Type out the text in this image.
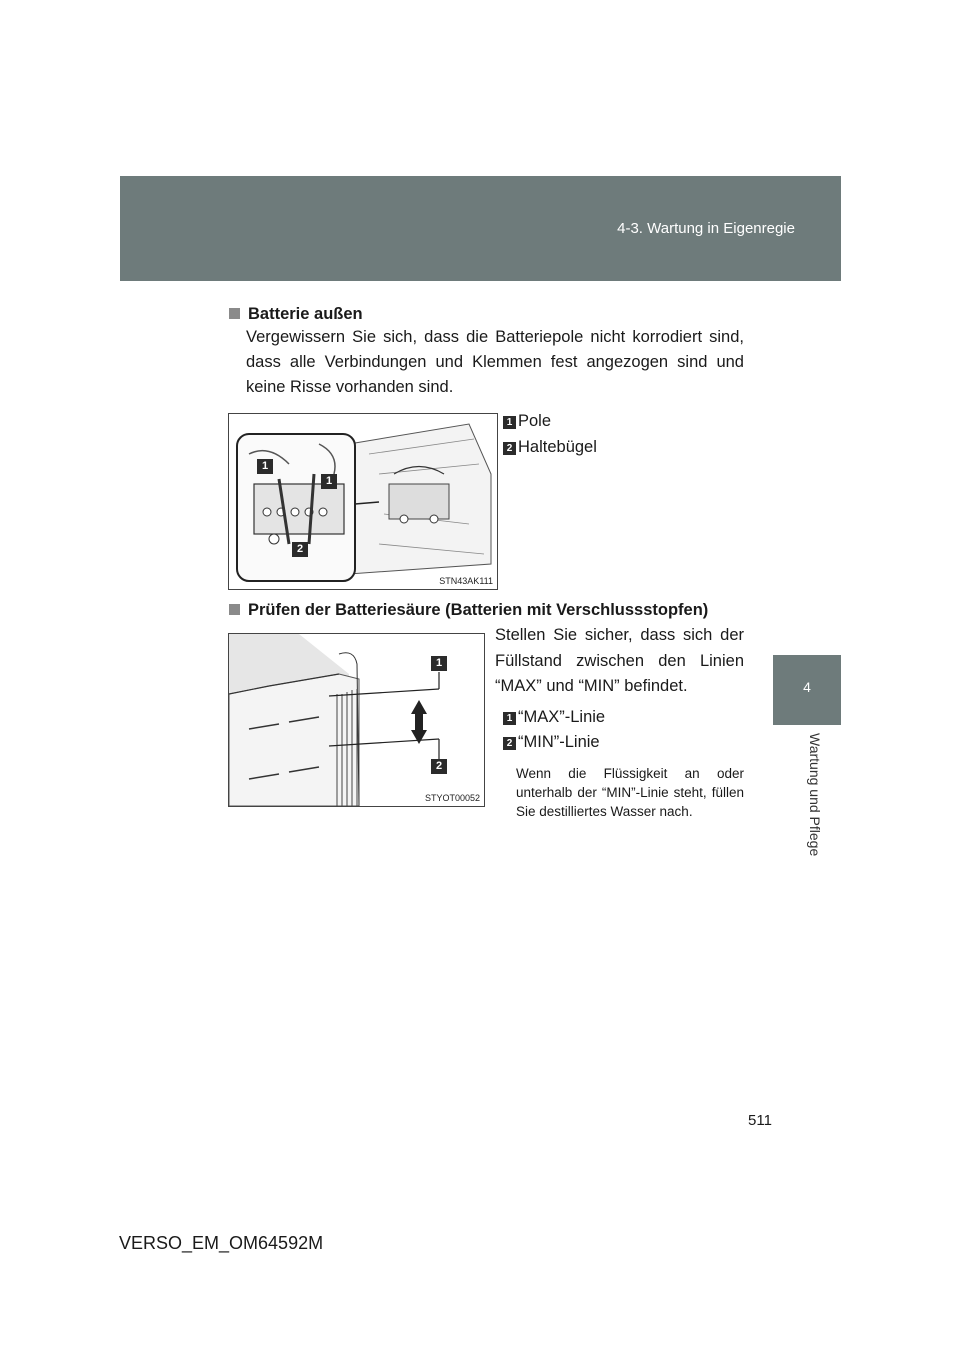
4-3. Wartung in Eigenregie
4
Wartung und Pflege
Batterie außen
Vergewissern Sie sich, dass die Batteriepole nicht korrodiert sind, dass alle Verbindungen und Klemmen fest angezogen sind und keine Risse vorhanden sind.
1
1
2
STN43AK111
1 Pole
2 Haltebügel
Prüfen der Batteriesäure (Batterien mit Verschlussstopfen)
1
2
STYOT00052
Stellen Sie sicher, dass sich der Füllstand zwischen den Linien “MAX” und “MIN” befindet.
1 “MAX”-Linie
2 “MIN”-Linie
Wenn die Flüssigkeit an oder unterhalb der “MIN”-Linie steht, füllen Sie destilliertes Wasser nach.
511
VERSO_EM_OM64592M
